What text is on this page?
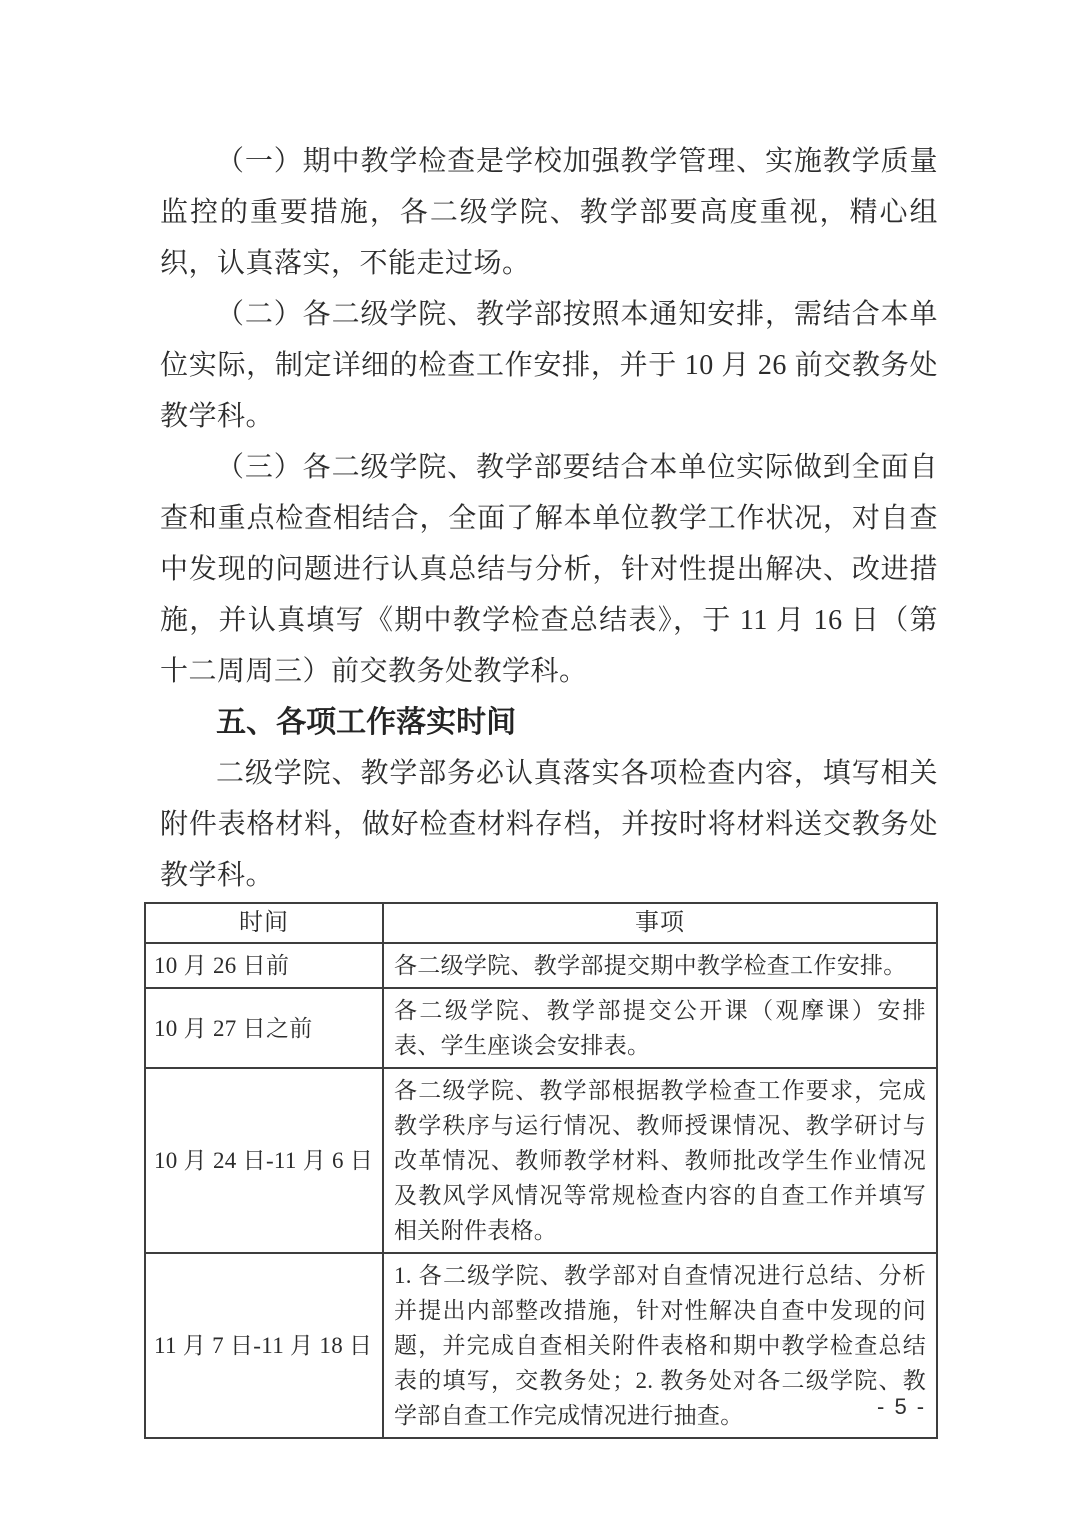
（一）期中教学检查是学校加强教学管理、实施教学质量监控的重要措施，各二级学院、教学部要高度重视，精心组织，认真落实，不能走过场。

（二）各二级学院、教学部按照本通知安排，需结合本单位实际，制定详细的检查工作安排，并于 10 月 26 前交教务处教学科。

（三）各二级学院、教学部要结合本单位实际做到全面自查和重点检查相结合，全面了解本单位教学工作状况，对自查中发现的问题进行认真总结与分析，针对性提出解决、改进措施，并认真填写《期中教学检查总结表》，于 11 月 16 日（第十二周周三）前交教务处教学科。

五、各项工作落实时间

二级学院、教学部务必认真落实各项检查内容，填写相关附件表格材料，做好检查材料存档，并按时将材料送交教务处教学科。

时间	事项
10 月 26 日前	各二级学院、教学部提交期中教学检查工作安排。
10 月 27 日之前	各二级学院、教学部提交公开课（观摩课）安排表、学生座谈会安排表。
10 月 24 日-11 月 6 日	各二级学院、教学部根据教学检查工作要求，完成教学秩序与运行情况、教师授课情况、教学研讨与改革情况、教师教学材料、教师批改学生作业情况及教风学风情况等常规检查内容的自查工作并填写相关附件表格。
11 月 7 日-11 月 18 日	1. 各二级学院、教学部对自查情况进行总结、分析并提出内部整改措施，针对性解决自查中发现的问题，并完成自查相关附件表格和期中教学检查总结表的填写，交教务处；2. 教务处对各二级学院、教学部自查工作完成情况进行抽查。	- 5 -
